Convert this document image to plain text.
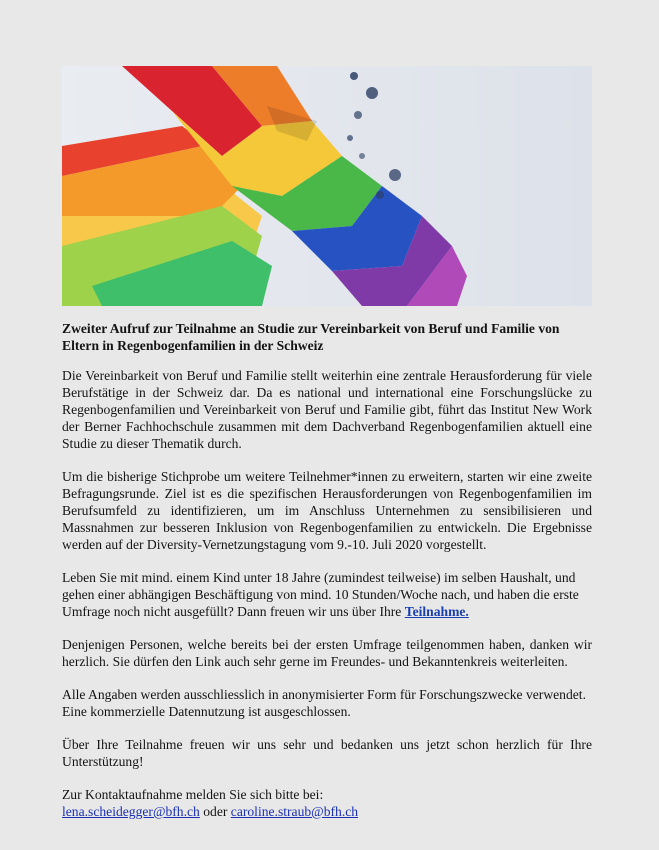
Zweiter Aufruf zur Teilnahme an Studie zur Vereinbarkeit von Beruf und Familie von Eltern in Regenbogenfamilien in der Schweiz

Die Vereinbarkeit von Beruf und Familie stellt weiterhin eine zentrale Herausforderung für viele Berufstätige in der Schweiz dar. Da es national und international eine Forschungslücke zu Regenbogenfamilien und Vereinbarkeit von Beruf und Familie gibt, führt das Institut New Work der Berner Fachhochschule zusammen mit dem Dachverband Regenbogenfamilien aktuell eine Studie zu dieser Thematik durch.

Um die bisherige Stichprobe um weitere Teilnehmer*innen zu erweitern, starten wir eine zweite Befragungsrunde. Ziel ist es die spezifischen Herausforderungen von Regenbogenfamilien im Berufsumfeld zu identifizieren, um im Anschluss Unternehmen zu sensibilisieren und Massnahmen zur besseren Inklusion von Regenbogenfamilien zu entwickeln. Die Ergebnisse werden auf der Diversity-Vernetzungstagung vom 9.-10. Juli 2020 vorgestellt.

Leben Sie mit mind. einem Kind unter 18 Jahre (zumindest teilweise) im selben Haushalt, und gehen einer abhängigen Beschäftigung von mind. 10 Stunden/Woche nach, und haben die erste Umfrage noch nicht ausgefüllt? Dann freuen wir uns über Ihre Teilnahme.

Denjenigen Personen, welche bereits bei der ersten Umfrage teilgenommen haben, danken wir herzlich. Sie dürfen den Link auch sehr gerne im Freundes- und Bekanntenkreis weiterleiten.

Alle Angaben werden ausschliesslich in anonymisierter Form für Forschungszwecke verwendet. Eine kommerzielle Datennutzung ist ausgeschlossen.

Über Ihre Teilnahme freuen wir uns sehr und bedanken uns jetzt schon herzlich für Ihre Unterstützung!

Zur Kontaktaufnahme melden Sie sich bitte bei:
lena.scheidegger@bfh.ch oder caroline.straub@bfh.ch
